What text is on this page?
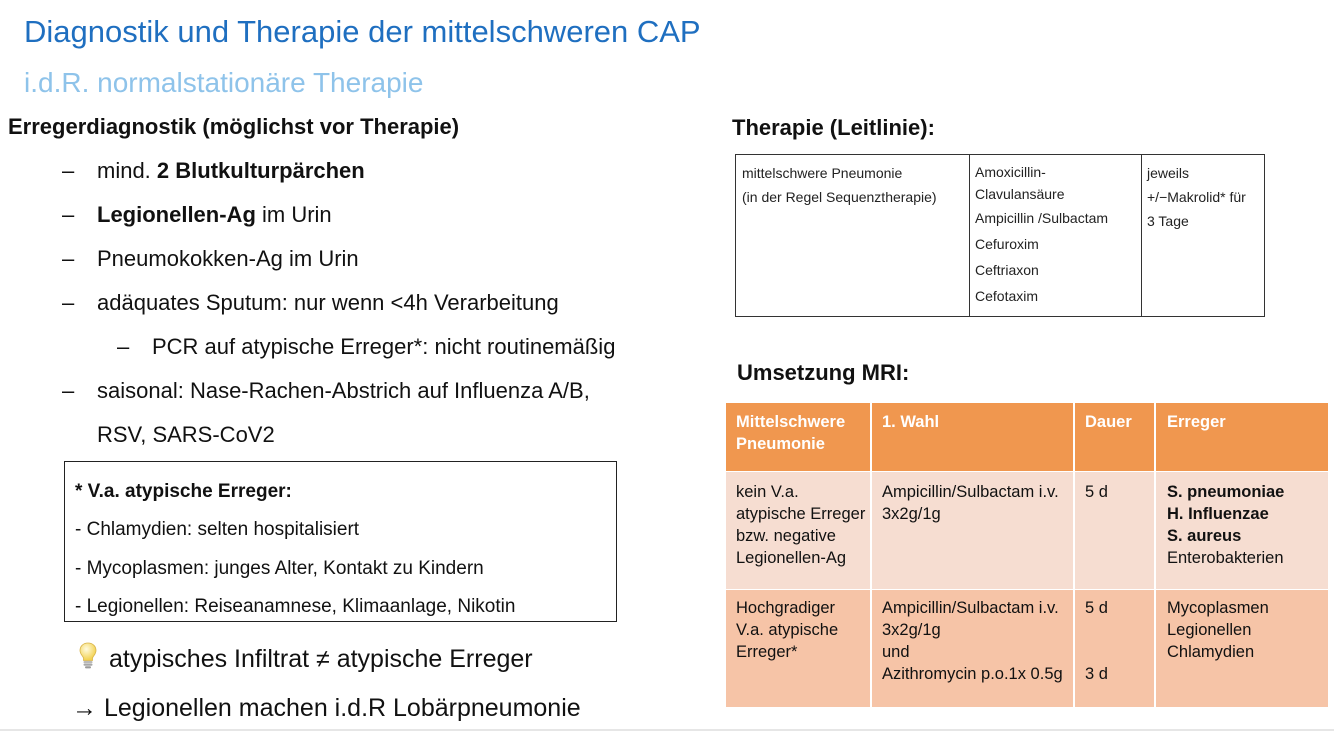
Diagnostik und Therapie der mittelschweren CAP
i.d.R. normalstationäre Therapie
Erregerdiagnostik (möglichst vor Therapie)
– mind. 2 Blutkulturpärchen
– Legionellen-Ag im Urin
– Pneumokokken-Ag im Urin
– adäquates Sputum: nur wenn <4h Verarbeitung
– PCR auf atypische Erreger*: nicht routinemäßig
– saisonal: Nase-Rachen-Abstrich auf Influenza A/B,
RSV, SARS-CoV2
* V.a. atypische Erreger:
- Chlamydien: selten hospitalisiert
- Mycoplasmen: junges Alter, Kontakt zu Kindern
- Legionellen: Reiseanamnese, Klimaanlage, Nikotin
atypisches Infiltrat ≠ atypische Erreger
→ Legionellen machen i.d.R Lobärpneumonie
Therapie (Leitlinie):
mittelschwere Pneumonie
(in der Regel Sequenztherapie)
Amoxicillin-
Clavulansäure
Ampicillin /Sulbactam
Cefuroxim
Ceftriaxon
Cefotaxim
jeweils
+/−Makrolid* für
3 Tage
Umsetzung MRI:
Mittelschwere Pneumonie
1. Wahl	Dauer Erreger
kein V.a. atypische Erreger bzw. negative Legionellen-Ag
Ampicillin/Sulbactam i.v. 3x2g/1g
5 d	S. pneumoniae
H. Influenzae
S. aureus
Enterobakterien
Hochgradiger V.a. atypische Erreger*
Ampicillin/Sulbactam i.v. 3x2g/1g
und
Azithromycin p.o.1x 0.5g
5 d
3 d
Mycoplasmen
Legionellen
Chlamydien
